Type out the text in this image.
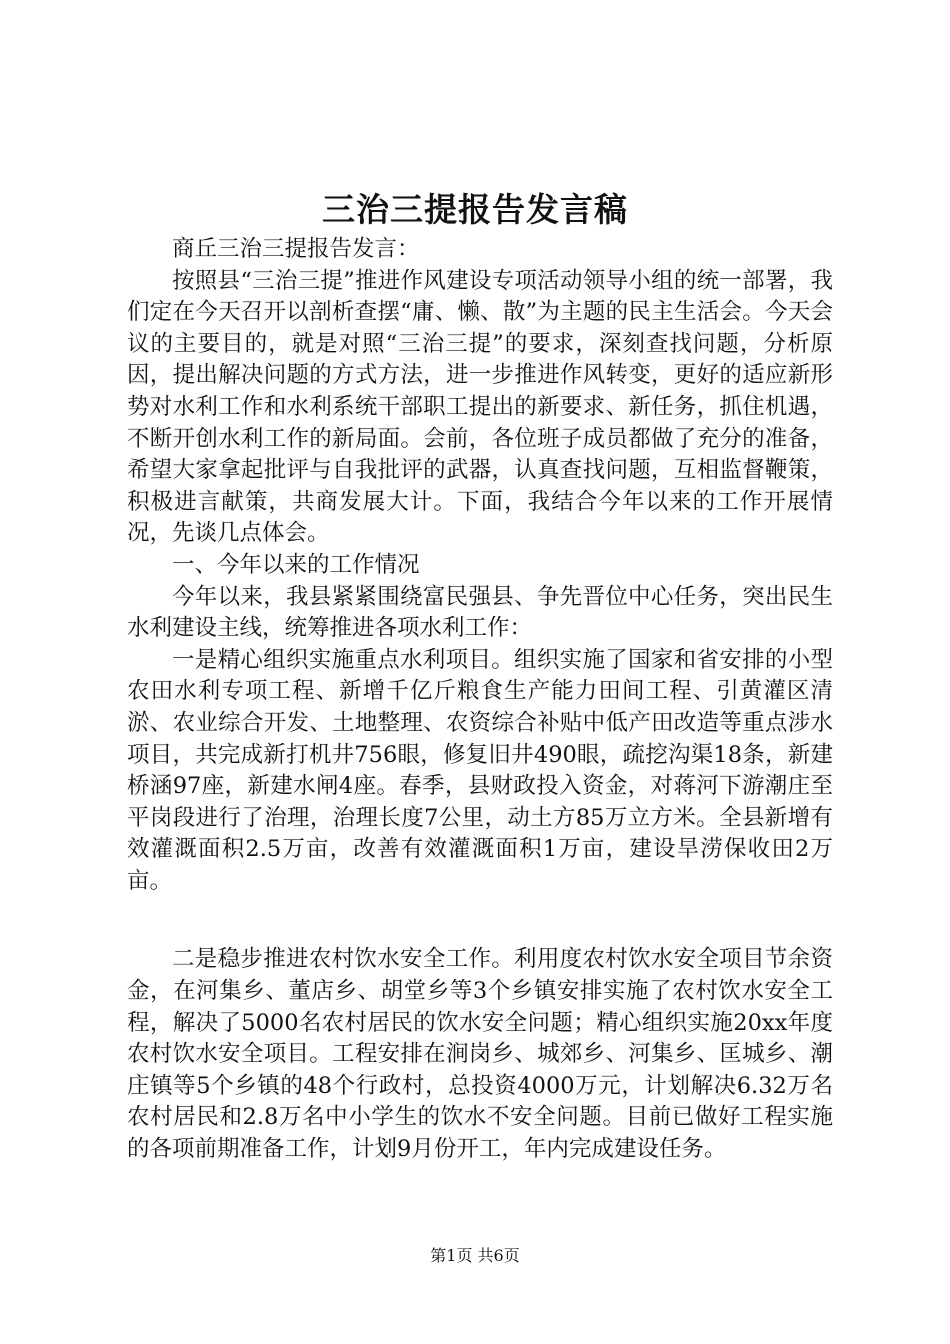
三治三提报告发言稿

商丘三治三提报告发言：

按照县“三治三提”推进作风建设专项活动领导小组的统一部署，我们定在今天召开以剖析查摆“庸、懒、散”为主题的民主生活会。今天会议的主要目的，就是对照“三治三提”的要求，深刻查找问题，分析原因，提出解决问题的方式方法，进一步推进作风转变，更好的适应新形势对水利工作和水利系统干部职工提出的新要求、新任务，抓住机遇，不断开创水利工作的新局面。会前，各位班子成员都做了充分的准备，希望大家拿起批评与自我批评的武器，认真查找问题，互相监督鞭策，积极进言献策，共商发展大计。下面，我结合今年以来的工作开展情况，先谈几点体会。

一、今年以来的工作情况

今年以来，我县紧紧围绕富民强县、争先晋位中心任务，突出民生水利建设主线，统筹推进各项水利工作：

一是精心组织实施重点水利项目。组织实施了国家和省安排的小型农田水利专项工程、新增千亿斤粮食生产能力田间工程、引黄灌区清淤、农业综合开发、土地整理、农资综合补贴中低产田改造等重点涉水项目，共完成新打机井756眼，修复旧井490眼，疏挖沟渠18条，新建桥涵97座，新建水闸4座。春季，县财政投入资金，对蒋河下游潮庄至平岗段进行了治理，治理长度7公里，动土方85万立方米。全县新增有效灌溉面积2.5万亩，改善有效灌溉面积1万亩，建设旱涝保收田2万亩。

二是稳步推进农村饮水安全工作。利用度农村饮水安全项目节余资金，在河集乡、董店乡、胡堂乡等3个乡镇安排实施了农村饮水安全工程，解决了5000名农村居民的饮水安全问题；精心组织实施20xx年度农村饮水安全项目。工程安排在涧岗乡、城郊乡、河集乡、匡城乡、潮庄镇等5个乡镇的48个行政村，总投资4000万元，计划解决6.32万名农村居民和2.8万名中小学生的饮水不安全问题。目前已做好工程实施的各项前期准备工作，计划9月份开工，年内完成建设任务。

第1页 共6页
